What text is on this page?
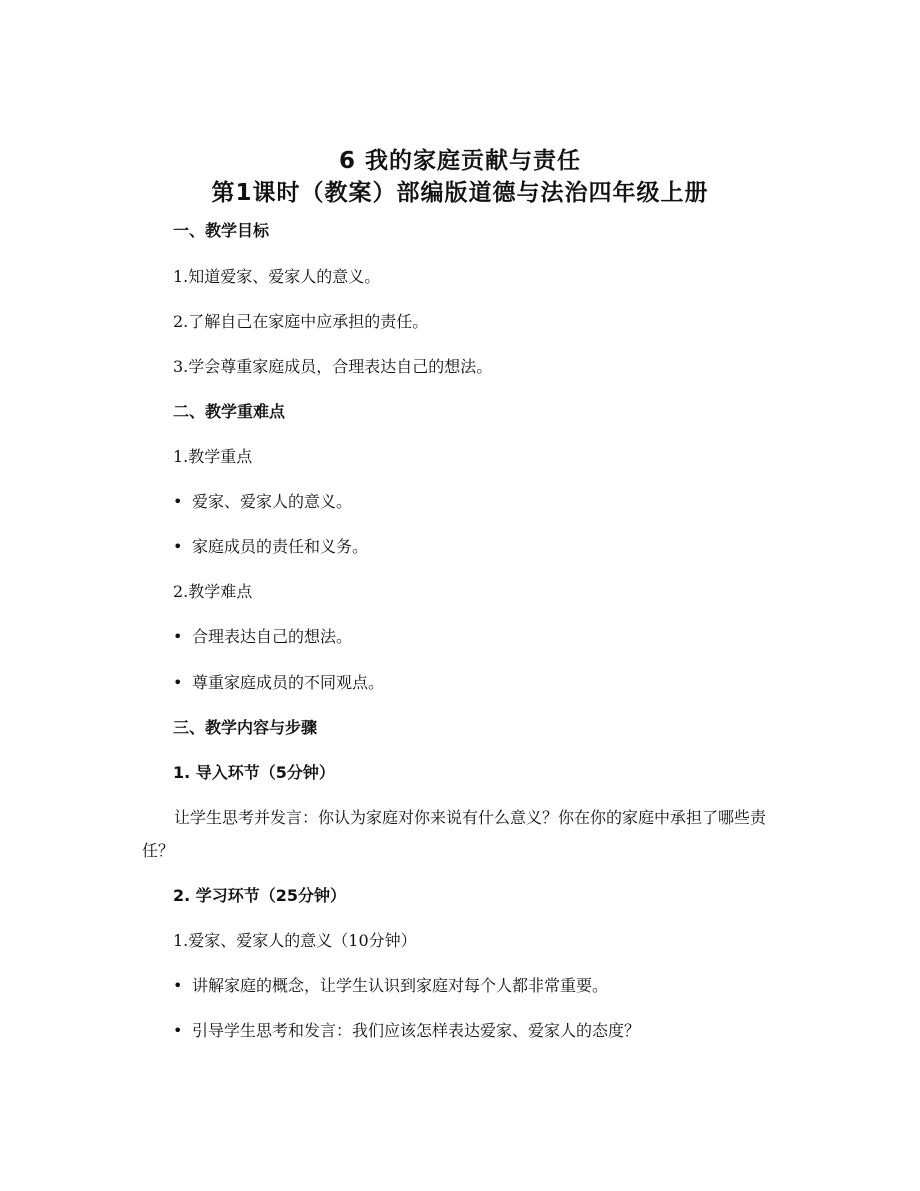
6 我的家庭贡献与责任
第1课时（教案）部编版道德与法治四年级上册
一、教学目标
1.知道爱家、爱家人的意义。
2.了解自己在家庭中应承担的责任。
3.学会尊重家庭成员，合理表达自己的想法。
二、教学重难点
1.教学重点
• 爱家、爱家人的意义。
• 家庭成员的责任和义务。
2.教学难点
• 合理表达自己的想法。
• 尊重家庭成员的不同观点。
三、教学内容与步骤
1. 导入环节（5分钟）
让学生思考并发言：你认为家庭对你来说有什么意义？你在你的家庭中承担了哪些责任？
2. 学习环节（25分钟）
1.爱家、爱家人的意义（10分钟）
• 讲解家庭的概念，让学生认识到家庭对每个人都非常重要。
• 引导学生思考和发言：我们应该怎样表达爱家、爱家人的态度？
